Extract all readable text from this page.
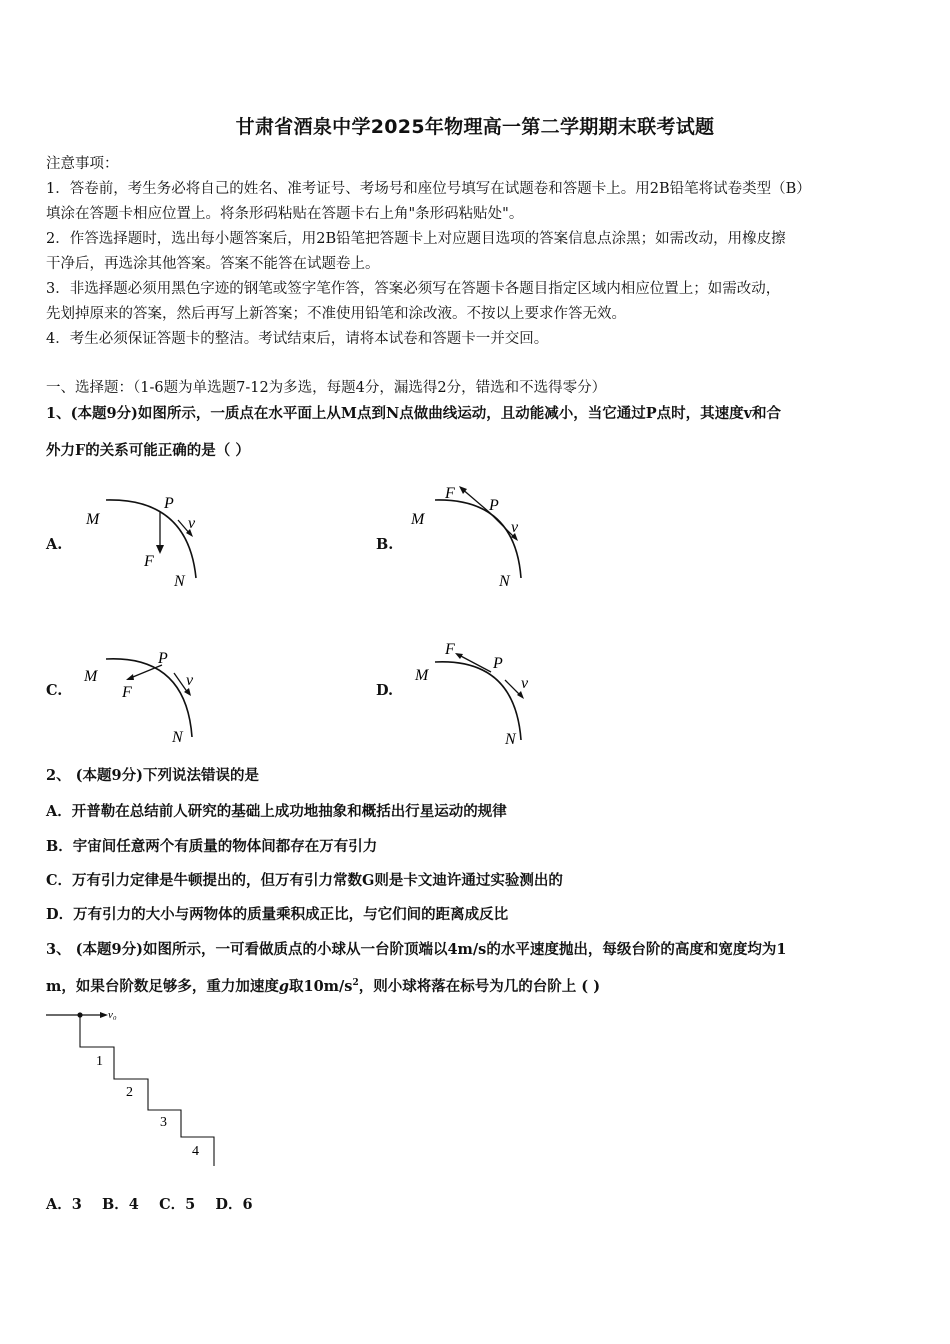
甘肃省酒泉中学2025年物理高一第二学期期末联考试题
注意事项：
1．答卷前，考生务必将自己的姓名、准考证号、考场号和座位号填写在试题卷和答题卡上。用2B铅笔将试卷类型（B）
填涂在答题卡相应位置上。将条形码粘贴在答题卡右上角"条形码粘贴处"。
2．作答选择题时，选出每小题答案后，用2B铅笔把答题卡上对应题目选项的答案信息点涂黑；如需改动，用橡皮擦
干净后，再选涂其他答案。答案不能答在试题卷上。
3．非选择题必须用黑色字迹的钢笔或签字笔作答，答案必须写在答题卡各题目指定区域内相应位置上；如需改动，
先划掉原来的答案，然后再写上新答案；不准使用铅笔和涂改液。不按以上要求作答无效。
4．考生必须保证答题卡的整洁。考试结束后，请将本试卷和答题卡一并交回。
一、选择题：（1-6题为单选题7-12为多选，每题4分，漏选得2分，错选和不选得零分）
1、(本题9分)如图所示，一质点在水平面上从M点到N点做曲线运动，且动能减小，当它通过P点时，其速度v和合
外力F的关系可能正确的是（ ）
A.	B.
C.	D.
M
P
v
F
N
M
F
P
v
N
M
P
v
F
N
M
F
P
v
N
2、 (本题9分)下列说法错误的是
A．开普勒在总结前人研究的基础上成功地抽象和概括出行星运动的规律
B．宇宙间任意两个有质量的物体间都存在万有引力
C．万有引力定律是牛顿提出的，但万有引力常数G则是卡文迪许通过实验测出的
D．万有引力的大小与两物体的质量乘积成正比，与它们间的距离成反比
3、 (本题9分)如图所示，一可看做质点的小球从一台阶顶端以4m/s的水平速度抛出，每级台阶的高度和宽度均为1
m，如果台阶数足够多，重力加速度g取$10m/s^2$，则小球将落在标号为几的台阶上 ( )
v₀
1
2
3
4
A．3    B．4    C．5    D．6
